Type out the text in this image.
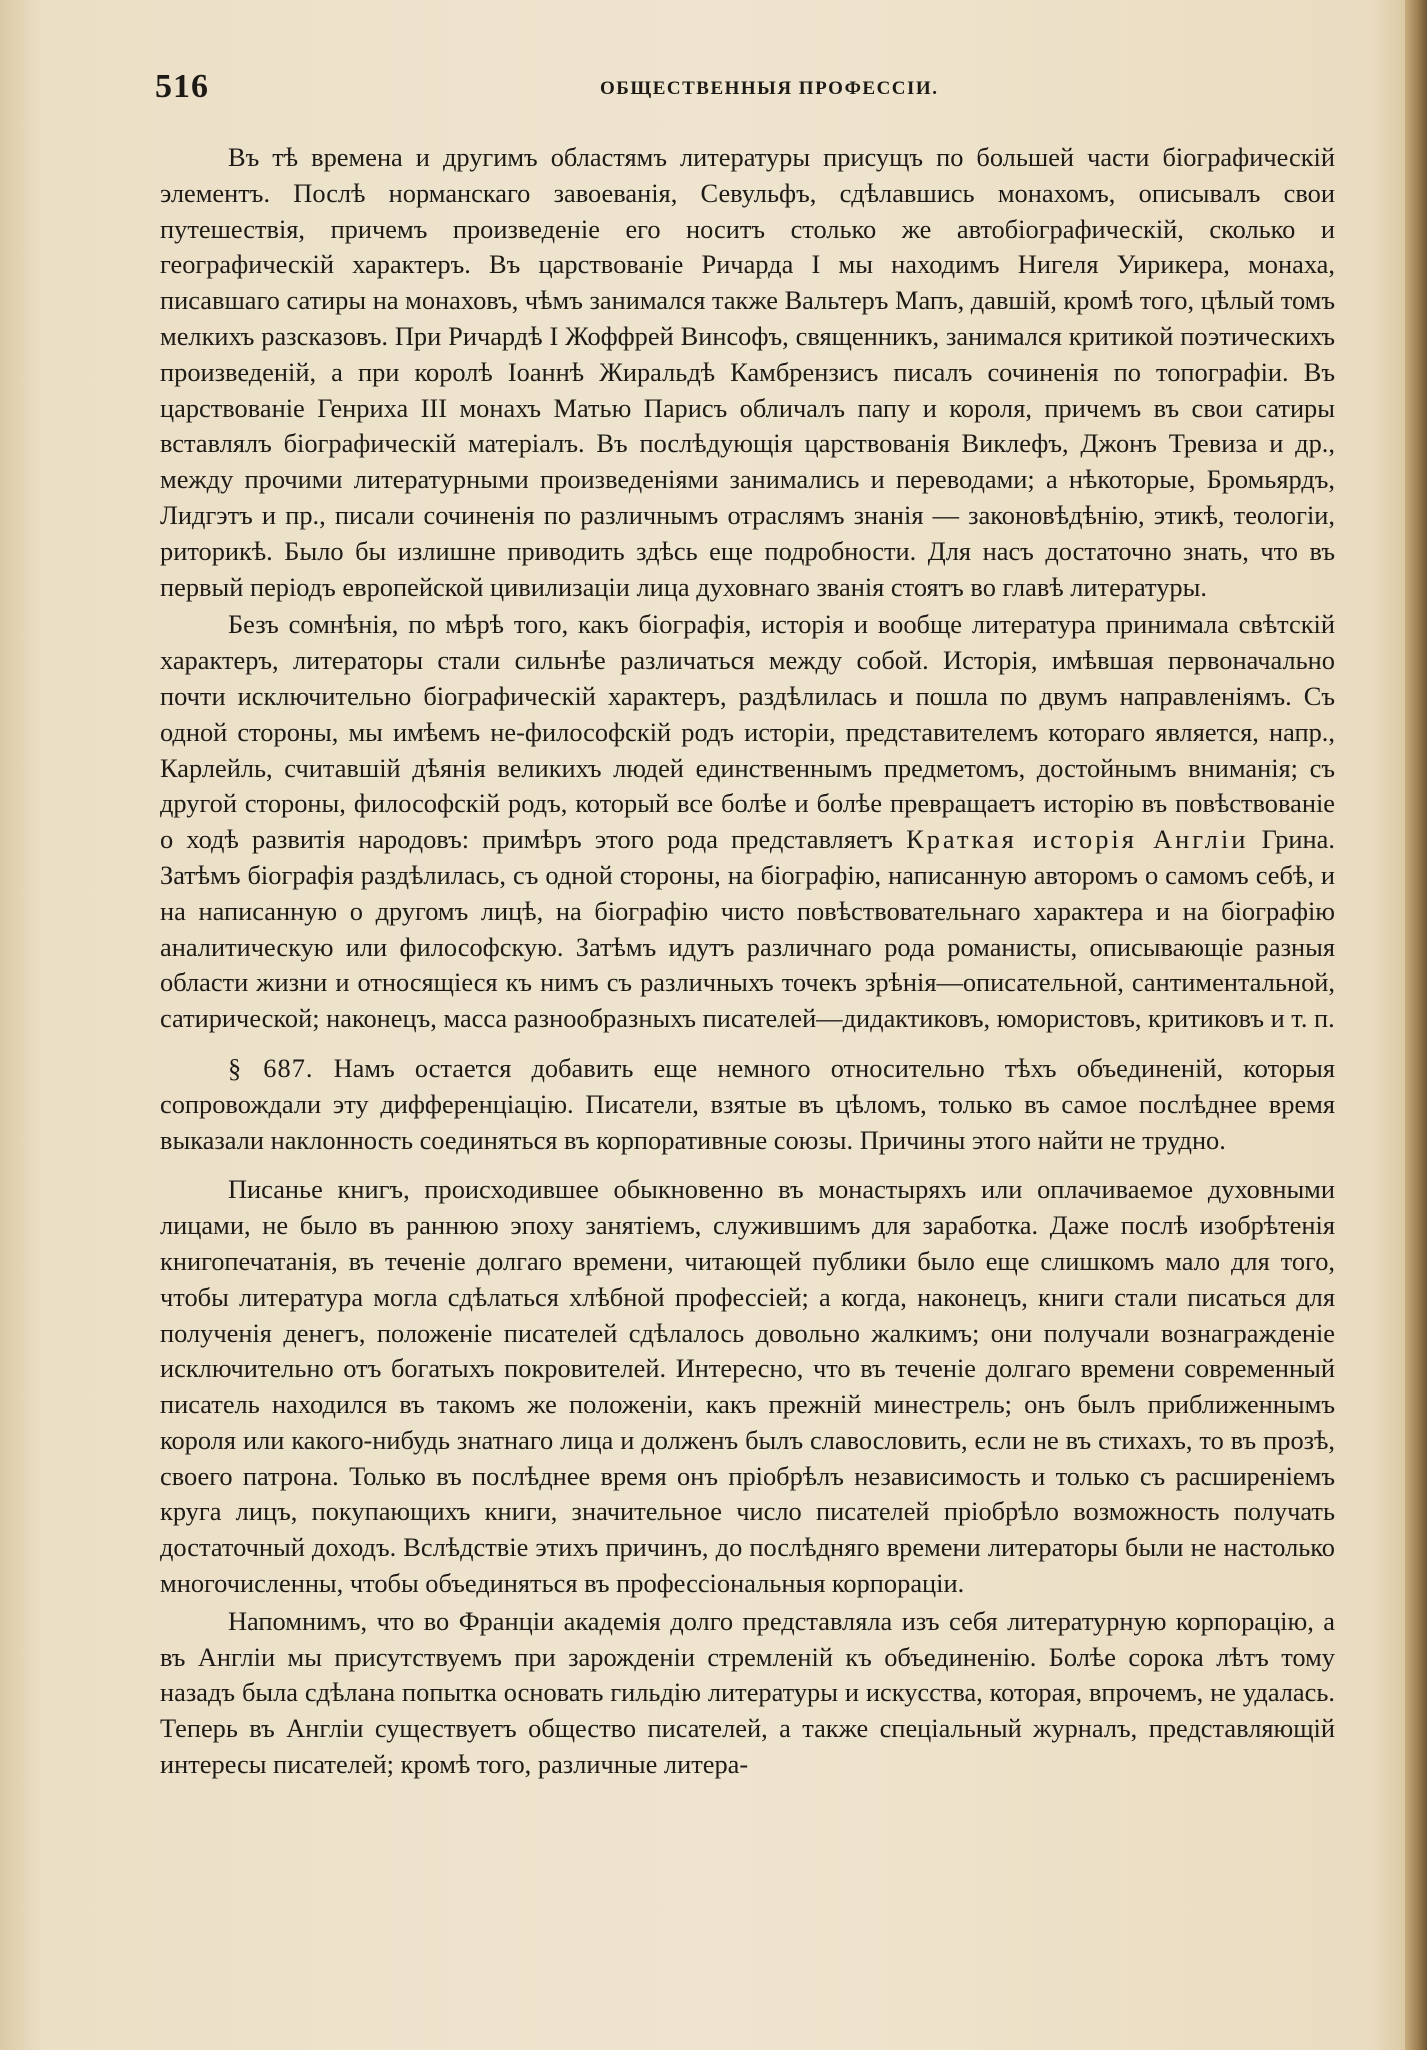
516	ОБЩЕСТВЕННЫЯ ПРОФЕССIИ.

Въ тѣ времена и другимъ областямъ литературы присущъ по большей части біографическій элементъ. Послѣ норманскаго завоеванія, Севульфъ, сдѣлавшись монахомъ, описывалъ свои путешествія, причемъ произведеніе его носитъ столько же автобіографическій, сколько и географическій характеръ. Въ царствованіе Ричарда I мы находимъ Нигеля Уирикера, монаха, писавшаго сатиры на монаховъ, чѣмъ занимался также Вальтеръ Мапъ, давшій, кромѣ того, цѣлый томъ мелкихъ разсказовъ. При Ричардѣ I Жоффрей Винсофъ, священникъ, занимался критикой поэтическихъ произведеній, а при королѣ Іоаннѣ Жиральдѣ Камбрензисъ писалъ сочиненія по топографіи. Въ царствованіе Генриха III монахъ Матью Парисъ обличалъ папу и короля, причемъ въ свои сатиры вставлялъ біографическій матеріалъ. Въ послѣдующія царствованія Виклефъ, Джонъ Тревиза и др., между прочими литературными произведеніями занимались и переводами; а нѣкоторые, Бромьярдъ, Лидгэтъ и пр., писали сочиненія по различнымъ отраслямъ знанія — законовѣдѣнію, этикѣ, теологіи, риторикѣ. Было бы излишне приводить здѣсь еще подробности. Для насъ достаточно знать, что въ первый періодъ европейской цивилизаціи лица духовнаго званія стоятъ во главѣ литературы.

Безъ сомнѣнія, по мѣрѣ того, какъ біографія, исторія и вообще литература принимала свѣтскій характеръ, литераторы стали сильнѣе различаться между собой. Исторія, имѣвшая первоначально почти исключительно біографическій характеръ, раздѣлилась и пошла по двумъ направленіямъ. Съ одной стороны, мы имѣемъ не-философскій родъ исторіи, представителемъ котораго является, напр., Карлейль, считавшій дѣянія великихъ людей единственнымъ предметомъ, достойнымъ вниманія; съ другой стороны, философскій родъ, который все болѣе и болѣе превращаетъ исторію въ повѣствованіе о ходѣ развитія народовъ: примѣръ этого рода представляетъ Краткая исторія Англіи Грина. Затѣмъ біографія раздѣлилась, съ одной стороны, на біографію, написанную авторомъ о самомъ себѣ, и на написанную о другомъ лицѣ, на біографію чисто повѣствовательнаго характера и на біографію аналитическую или философскую. Затѣмъ идутъ различнаго рода романисты, описывающіе разныя области жизни и относящіеся къ нимъ съ различныхъ точекъ зрѣнія—описательной, сантиментальной, сатирической; наконецъ, масса разнообразныхъ писателей—дидактиковъ, юмористовъ, критиковъ и т. п.

§ 687. Намъ остается добавить еще немного относительно тѣхъ объединеній, которыя сопровождали эту дифференціацію. Писатели, взятые въ цѣломъ, только въ самое послѣднее время выказали наклонность соединяться въ корпоративные союзы. Причины этого найти не трудно.

Писанье книгъ, происходившее обыкновенно въ монастыряхъ или оплачиваемое духовными лицами, не было въ раннюю эпоху занятіемъ, служившимъ для заработка. Даже послѣ изобрѣтенія книгопечатанія, въ теченіе долгаго времени, читающей публики было еще слишкомъ мало для того, чтобы литература могла сдѣлаться хлѣбной профессіей; а когда, наконецъ, книги стали писаться для полученія денегъ, положеніе писателей сдѣлалось довольно жалкимъ; они получали вознагражденіе исключительно отъ богатыхъ покровителей. Интересно, что въ теченіе долгаго времени современный писатель находился въ такомъ же положеніи, какъ прежній минестрель; онъ былъ приближеннымъ короля или какого-нибудь знатнаго лица и долженъ былъ славословить, если не въ стихахъ, то въ прозѣ, своего патрона. Только въ послѣднее время онъ пріобрѣлъ независимость и только съ расширеніемъ круга лицъ, покупающихъ книги, значительное число писателей пріобрѣло возможность получать достаточный доходъ. Вслѣдствіе этихъ причинъ, до послѣдняго времени литераторы были не настолько многочисленны, чтобы объединяться въ профессіональныя корпораціи.

Напомнимъ, что во Франціи академія долго представляла изъ себя литературную корпорацію, а въ Англіи мы присутствуемъ при зарожденіи стремленій къ объединенію. Болѣе сорока лѣтъ тому назадъ была сдѣлана попытка основать гильдію литературы и искусства, которая, впрочемъ, не удалась. Теперь въ Англіи существуетъ общество писателей, а также спеціальный журналъ, представляющій интересы писателей; кромѣ того, различные литера-
